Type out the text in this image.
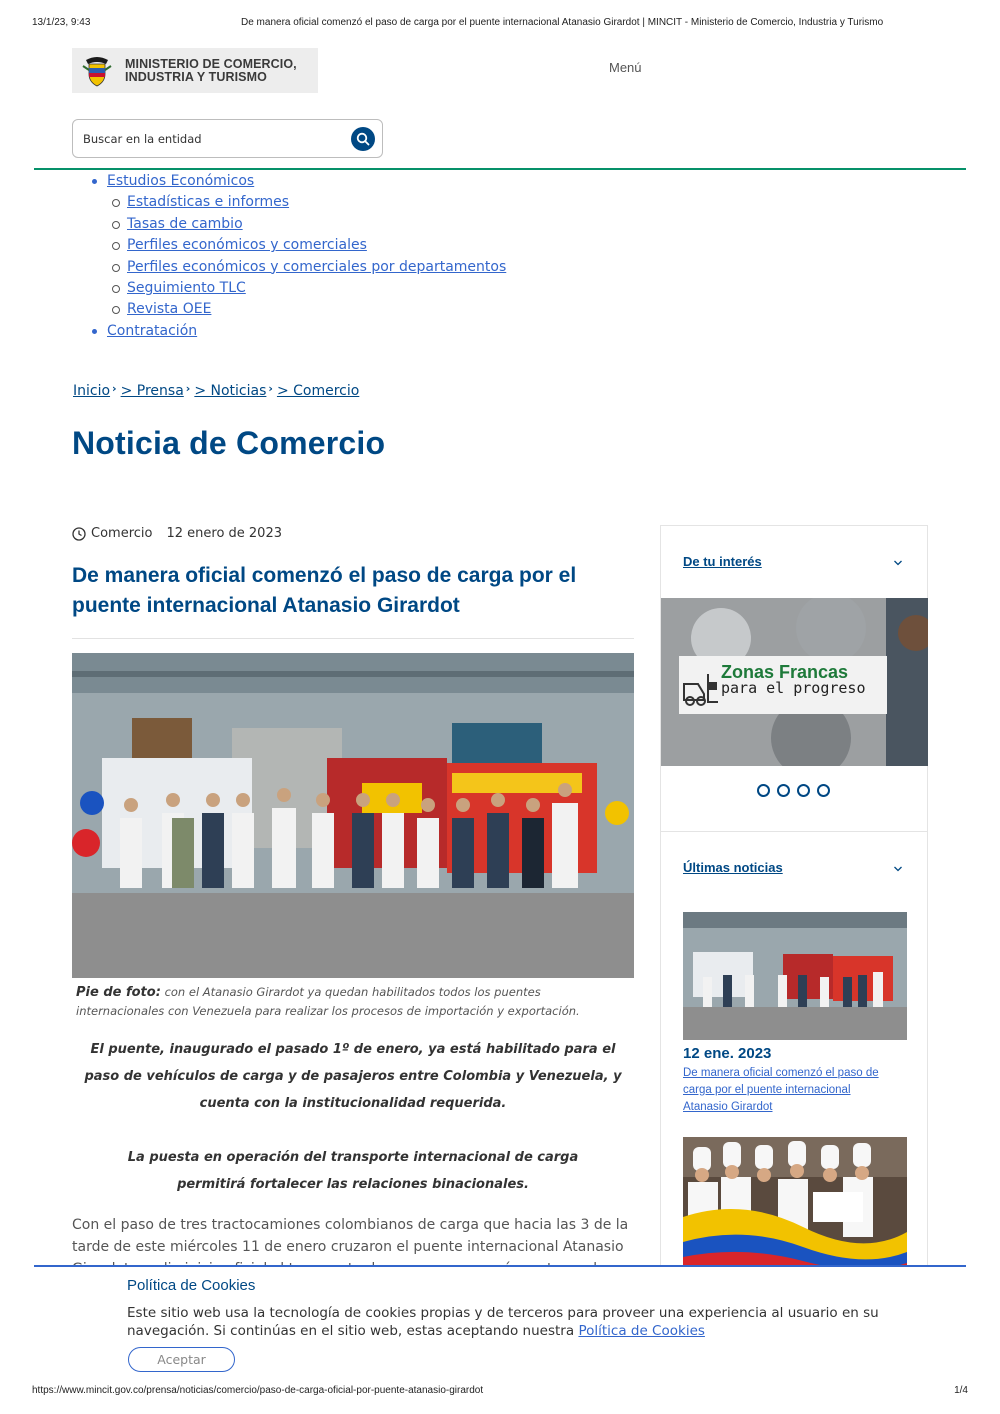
13/1/23, 9:43	De manera oficial comenzó el paso de carga por el puente internacional Atanasio Girardot | MINCIT - Ministerio de Comercio, Industria y Turismo
MINISTERIO DE COMERCIO,
INDUSTRIA Y TURISMO
Menú
Buscar en la entidad
Estudios Económicos
Estadísticas e informes
Tasas de cambio
Perfiles económicos y comerciales
Perfiles económicos y comerciales por departamentos
Seguimiento TLC
Revista OEE
Contratación
Inicio › > Prensa › > Noticias › > Comercio
Noticia de Comercio
Comercio 12 enero de 2023
De manera oficial comenzó el paso de carga por el puente internacional Atanasio Girardot

Pie de foto: con el Atanasio Girardot ya quedan habilitados todos los puentes internacionales con Venezuela para realizar los procesos de importación y exportación.

El puente, inaugurado el pasado 1º de enero, ya está habilitado para el paso de vehículos de carga y de pasajeros entre Colombia y Venezuela, y cuenta con la institucionalidad requerida.

La puesta en operación del transporte internacional de carga permitirá fortalecer las relaciones binacionales.

Con el paso de tres tractocamiones colombianos de carga que hacia las 3 de la tarde de este miércoles 11 de enero cruzaron el puente internacional Atanasio

De tu interés
Zonas Francas
para el progreso
Últimas noticias
12 ene. 2023
De manera oficial comenzó el paso de carga por el puente internacional Atanasio Girardot
Política de Cookies

Este sitio web usa la tecnología de cookies propias y de terceros para proveer una experiencia al usuario en su navegación. Si continúas en el sitio web, estas aceptando nuestra Política de Cookies

Aceptar
https://www.mincit.gov.co/prensa/noticias/comercio/paso-de-carga-oficial-por-puente-atanasio-girardot	1/4
